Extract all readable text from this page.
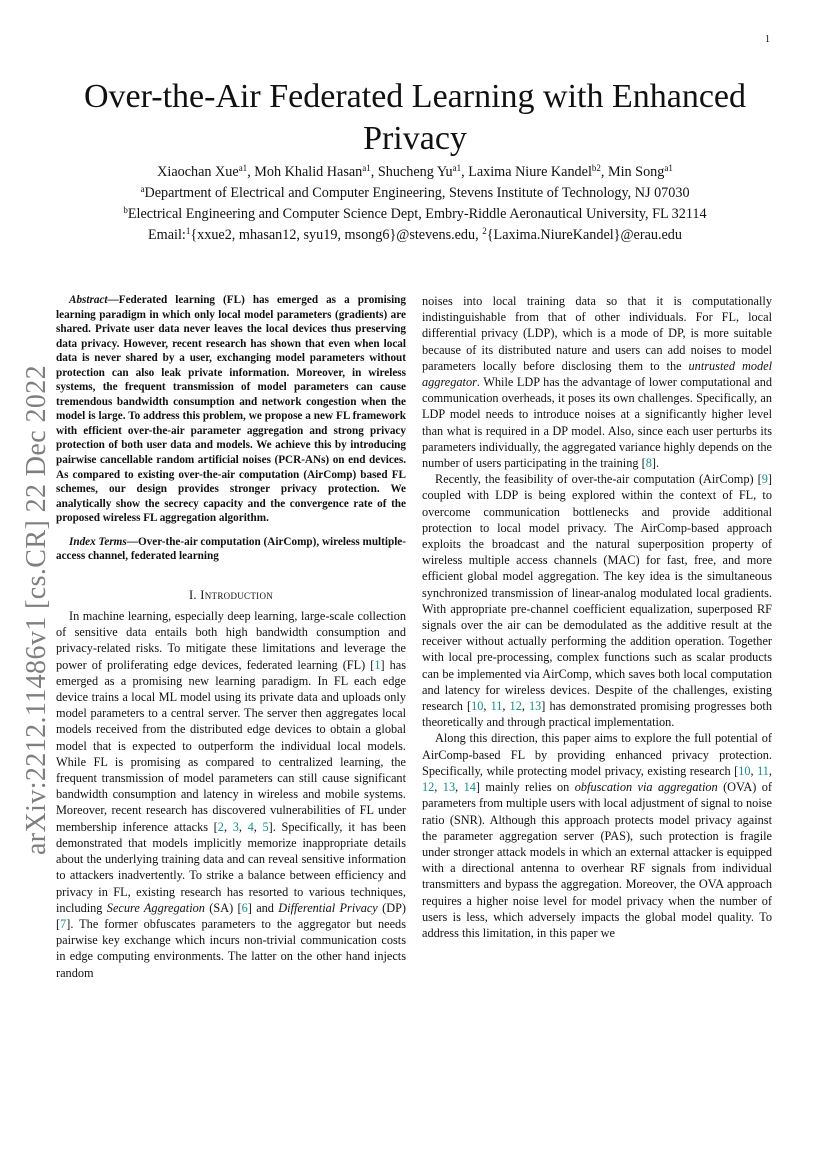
1
arXiv:2212.11486v1 [cs.CR] 22 Dec 2022
Over-the-Air Federated Learning with Enhanced Privacy
Xiaochan Xue$^{a1}$, Moh Khalid Hasan$^{a1}$, Shucheng $Yu^{a1}$, Laxima Niure Kandel$^{b2}$, Min Song$^{a1}$
$^a$Department of Electrical and Computer Engineering, Stevens Institute of Technology, NJ 07030
$^b$Electrical Engineering and Computer Science Dept, Embry-Riddle Aeronautical University, FL 32114
Email:$^1${xxue2, mhasan12, syu19, msong6}@stevens.edu, $^2${Laxima.NiureKandel}@erau.edu

Abstract—Federated learning (FL) has emerged as a promising learning paradigm in which only local model parameters (gradients) are shared. Private user data never leaves the local devices thus preserving data privacy. However, recent research has shown that even when local data is never shared by a user, exchanging model parameters without protection can also leak private information. Moreover, in wireless systems, the frequent transmission of model parameters can cause tremendous bandwidth consumption and network congestion when the model is large. To address this problem, we propose a new FL framework with efficient over-the-air parameter aggregation and strong privacy protection of both user data and models. We achieve this by introducing pairwise cancellable random artificial noises (PCR-ANs) on end devices. As compared to existing over-the-air computation (AirComp) based FL schemes, our design provides stronger privacy protection. We analytically show the secrecy capacity and the convergence rate of the proposed wireless FL aggregation algorithm.

Index Terms—Over-the-air computation (AirComp), wireless multiple-access channel, federated learning

I. Introduction

In machine learning, especially deep learning, large-scale collection of sensitive data entails both high bandwidth consumption and privacy-related risks. To mitigate these limitations and leverage the power of proliferating edge devices, federated learning (FL) [1] has emerged as a promising new learning paradigm. In FL each edge device trains a local ML model using its private data and uploads only model parameters to a central server. The server then aggregates local models received from the distributed edge devices to obtain a global model that is expected to outperform the individual local models. While FL is promising as compared to centralized learning, the frequent transmission of model parameters can still cause significant bandwidth consumption and latency in wireless and mobile systems. Moreover, recent research has discovered vulnerabilities of FL under membership inference attacks [2, 3, 4, 5]. Specifically, it has been demonstrated that models implicitly memorize inappropriate details about the underlying training data and can reveal sensitive information to attackers inadvertently. To strike a balance between efficiency and privacy in FL, existing research has resorted to various techniques, including Secure Aggregation (SA) [6] and Differential Privacy (DP) [7]. The former obfuscates parameters to the aggregator but needs pairwise key exchange which incurs non-trivial communication costs in edge computing environments. The latter on the other hand injects random

noises into local training data so that it is computationally indistinguishable from that of other individuals. For FL, local differential privacy (LDP), which is a mode of DP, is more suitable because of its distributed nature and users can add noises to model parameters locally before disclosing them to the untrusted model aggregator. While LDP has the advantage of lower computational and communication overheads, it poses its own challenges. Specifically, an LDP model needs to introduce noises at a significantly higher level than what is required in a DP model. Also, since each user perturbs its parameters individually, the aggregated variance highly depends on the number of users participating in the training [8].

Recently, the feasibility of over-the-air computation (AirComp) [9] coupled with LDP is being explored within the context of FL, to overcome communication bottlenecks and provide additional protection to local model privacy. The AirComp-based approach exploits the broadcast and the natural superposition property of wireless multiple access channels (MAC) for fast, free, and more efficient global model aggregation. The key idea is the simultaneous synchronized transmission of linear-analog modulated local gradients. With appropriate pre-channel coefficient equalization, superposed RF signals over the air can be demodulated as the additive result at the receiver without actually performing the addition operation. Together with local pre-processing, complex functions such as scalar products can be implemented via AirComp, which saves both local computation and latency for wireless devices. Despite of the challenges, existing research [10, 11, 12, 13] has demonstrated promising progresses both theoretically and through practical implementation.

Along this direction, this paper aims to explore the full potential of AirComp-based FL by providing enhanced privacy protection. Specifically, while protecting model privacy, existing research [10, 11, 12, 13, 14] mainly relies on obfuscation via aggregation (OVA) of parameters from multiple users with local adjustment of signal to noise ratio (SNR). Although this approach protects model privacy against the parameter aggregation server (PAS), such protection is fragile under stronger attack models in which an external attacker is equipped with a directional antenna to overhear RF signals from individual transmitters and bypass the aggregation. Moreover, the OVA approach requires a higher noise level for model privacy when the number of users is less, which adversely impacts the global model quality. To address this limitation, in this paper we
